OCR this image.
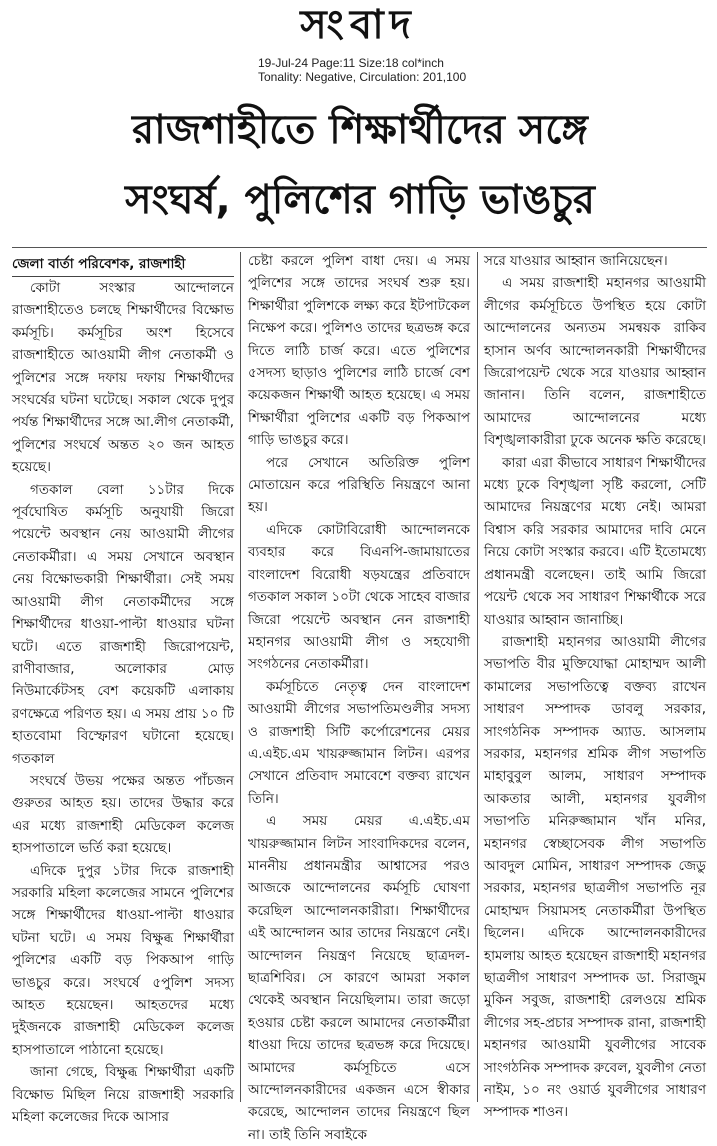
সংবাদ
19-Jul-24 Page:11 Size:18 col*inch
Tonality: Negative, Circulation: 201,100
রাজশাহীতে শিক্ষার্থীদের সঙ্গে
সংঘর্ষ, পুলিশের গাড়ি ভাঙচুর

জেলা বার্তা পরিবেশক, রাজশাহী

কোটা সংস্কার আন্দোলনে রাজশাহীতেও চলছে শিক্ষার্থীদের বিক্ষোভ কর্মসূচি। কর্মসূচির অংশ হিসেবে রাজশাহীতে আওয়ামী লীগ নেতাকর্মী ও পুলিশের সঙ্গে দফায় দফায় শিক্ষার্থীদের সংঘর্ষের ঘটনা ঘটেছে। সকাল থেকে দুপুর পর্যন্ত শিক্ষার্থীদের সঙ্গে আ.লীগ নেতাকর্মী, পুলিশের সংঘর্ষে অন্তত ২০ জন আহত হয়েছে।

গতকাল বেলা ১১টার দিকে পূর্বঘোষিত কর্মসূচি অনুযায়ী জিরো পয়েন্টে অবস্থান নেয় আওয়ামী লীগের নেতাকর্মীরা। এ সময় সেখানে অবস্থান নেয় বিক্ষোভকারী শিক্ষার্থীরা। সেই সময় আওয়ামী লীগ নেতাকর্মীদের সঙ্গে শিক্ষার্থীদের ধাওয়া-পাল্টা ধাওয়ার ঘটনা ঘটে। এতে রাজশাহী জিরোপয়েন্ট, রাণীবাজার, অলোকার মোড় নিউমার্কেটসহ বেশ কয়েকটি এলাকায় রণক্ষেত্রে পরিণত হয়। এ সময় প্রায় ১০ টি হাতবোমা বিস্ফোরণ ঘটানো হয়েছে। গতকাল

সংঘর্ষে উভয় পক্ষের অন্তত পাঁচজন গুরুতর আহত হয়। তাদের উদ্ধার করে এর মধ্যে রাজশাহী মেডিকেল কলেজ হাসপাতালে ভর্তি করা হয়েছে।

এদিকে দুপুর ১টার দিকে রাজশাহী সরকারি মহিলা কলেজের সামনে পুলিশের সঙ্গে শিক্ষার্থীদের ধাওয়া-পাল্টা ধাওয়ার ঘটনা ঘটে। এ সময় বিক্ষুব্ধ শিক্ষার্থীরা পুলিশের একটি বড় পিকআপ গাড়ি ভাঙচুর করে। সংঘর্ষে ৫পুলিশ সদস্য আহত হয়েছেন। আহতদের মধ্যে দুইজনকে রাজশাহী মেডিকেল কলেজ হাসপাতালে পাঠানো হয়েছে।

জানা গেছে, বিক্ষুব্ধ শিক্ষার্থীরা একটি বিক্ষোভ মিছিল নিয়ে রাজশাহী সরকারি মহিলা কলেজের দিকে আসার

চেষ্টা করলে পুলিশ বাধা দেয়। এ সময় পুলিশের সঙ্গে তাদের সংঘর্ষ শুরু হয়। শিক্ষার্থীরা পুলিশকে লক্ষ্য করে ইটপাটকেল নিক্ষেপ করে। পুলিশও তাদের ছত্রভঙ্গ করে দিতে লাঠি চার্জ করে। এতে পুলিশের ৫সদস্য ছাড়াও পুলিশের লাঠি চার্জে বেশ কয়েকজন শিক্ষার্থী আহত হয়েছে। এ সময় শিক্ষার্থীরা পুলিশের একটি বড় পিকআপ গাড়ি ভাঙচুর করে।

পরে সেখানে অতিরিক্ত পুলিশ মোতায়েন করে পরিস্থিতি নিয়ন্ত্রণে আনা হয়।

এদিকে কোটাবিরোধী আন্দোলনকে ব্যবহার করে বিএনপি-জামায়াতের বাংলাদেশ বিরোধী ষড়যন্ত্রের প্রতিবাদে গতকাল সকাল ১০টা থেকে সাহেব বাজার জিরো পয়েন্টে অবস্থান নেন রাজশাহী মহানগর আওয়ামী লীগ ও সহযোগী সংগঠনের নেতাকর্মীরা।

কর্মসূচিতে নেতৃত্ব দেন বাংলাদেশ আওয়ামী লীগের সভাপতিমণ্ডলীর সদস্য ও রাজশাহী সিটি কর্পোরেশনের মেয়র এ.এইচ.এম খায়রুজ্জামান লিটন। এরপর সেখানে প্রতিবাদ সমাবেশে বক্তব্য রাখেন তিনি।

এ সময় মেয়র এ.এইচ.এম খায়রুজ্জামান লিটন সাংবাদিকদের বলেন, মাননীয় প্রধানমন্ত্রীর আশ্বাসের পরও আজকে আন্দোলনের কর্মসূচি ঘোষণা করেছিল আন্দোলনকারীরা। শিক্ষার্থীদের এই আন্দোলন আর তাদের নিয়ন্ত্রণে নেই। আন্দোলন নিয়ন্ত্রণ নিয়েছে ছাত্রদল-ছাত্রশিবির। সে কারণে আমরা সকাল থেকেই অবস্থান নিয়েছিলাম। তারা জড়ো হওয়ার চেষ্টা করলে আমাদের নেতাকর্মীরা ধাওয়া দিয়ে তাদের ছত্রভঙ্গ করে দিয়েছে। আমাদের কর্মসূচিতে এসে আন্দোলনকারীদের একজন এসে স্বীকার করেছে, আন্দোলন তাদের নিয়ন্ত্রণে ছিল না। তাই তিনি সবাইকে

সরে যাওয়ার আহ্বান জানিয়েছেন।

এ সময় রাজশাহী মহানগর আওয়ামী লীগের কর্মসূচিতে উপস্থিত হয়ে কোটা আন্দোলনের অন্যতম সমন্বয়ক রাকিব হাসান অর্ণব আন্দোলনকারী শিক্ষার্থীদের জিরোপয়েন্ট থেকে সরে যাওয়ার আহ্বান জানান। তিনি বলেন, রাজশাহীতে আমাদের আন্দোলনের মধ্যে বিশৃঙ্খলাকারীরা ঢুকে অনেক ক্ষতি করেছে।

কারা এরা কীভাবে সাধারণ শিক্ষার্থীদের মধ্যে ঢুকে বিশৃঙ্খলা সৃষ্টি করলো, সেটি আমাদের নিয়ন্ত্রণের মধ্যে নেই। আমরা বিশ্বাস করি সরকার আমাদের দাবি মেনে নিয়ে কোটা সংস্কার করবে। এটি ইতোমধ্যে প্রধানমন্ত্রী বলেছেন। তাই আমি জিরো পয়েন্ট থেকে সব সাধারণ শিক্ষার্থীকে সরে যাওয়ার আহ্বান জানাচ্ছি।

রাজশাহী মহানগর আওয়ামী লীগের সভাপতি বীর মুক্তিযোদ্ধা মোহাম্মদ আলী কামালের সভাপতিত্বে বক্তব্য রাখেন সাধারণ সম্পাদক ডাবলু সরকার, সাংগঠনিক সম্পাদক অ্যাড. আসলাম সরকার, মহানগর শ্রমিক লীগ সভাপতি মাহাবুবুল আলম, সাধারণ সম্পাদক আকতার আলী, মহানগর যুবলীগ সভাপতি মনিরুজ্জামান খাঁন মনির, মহানগর স্বেচ্ছাসেবক লীগ সভাপতি আবদুল মোমিন, সাধারণ সম্পাদক জেডু সরকার, মহানগর ছাত্রলীগ সভাপতি নূর মোহাম্মদ সিয়ামসহ নেতাকর্মীরা উপস্থিত ছিলেন। এদিকে আন্দোলনকারীদের হামলায় আহত হয়েছেন রাজশাহী মহানগর ছাত্রলীগ সাধারণ সম্পাদক ডা. সিরাজুম মুকিন সবুজ, রাজশাহী রেলওয়ে শ্রমিক লীগের সহ-প্রচার সম্পাদক রানা, রাজশাহী মহানগর আওয়ামী যুবলীগের সাবেক সাংগঠনিক সম্পাদক রুবেল, যুবলীগ নেতা নাইম, ১০ নং ওয়ার্ড যুবলীগের সাধারণ সম্পাদক শাওন।
